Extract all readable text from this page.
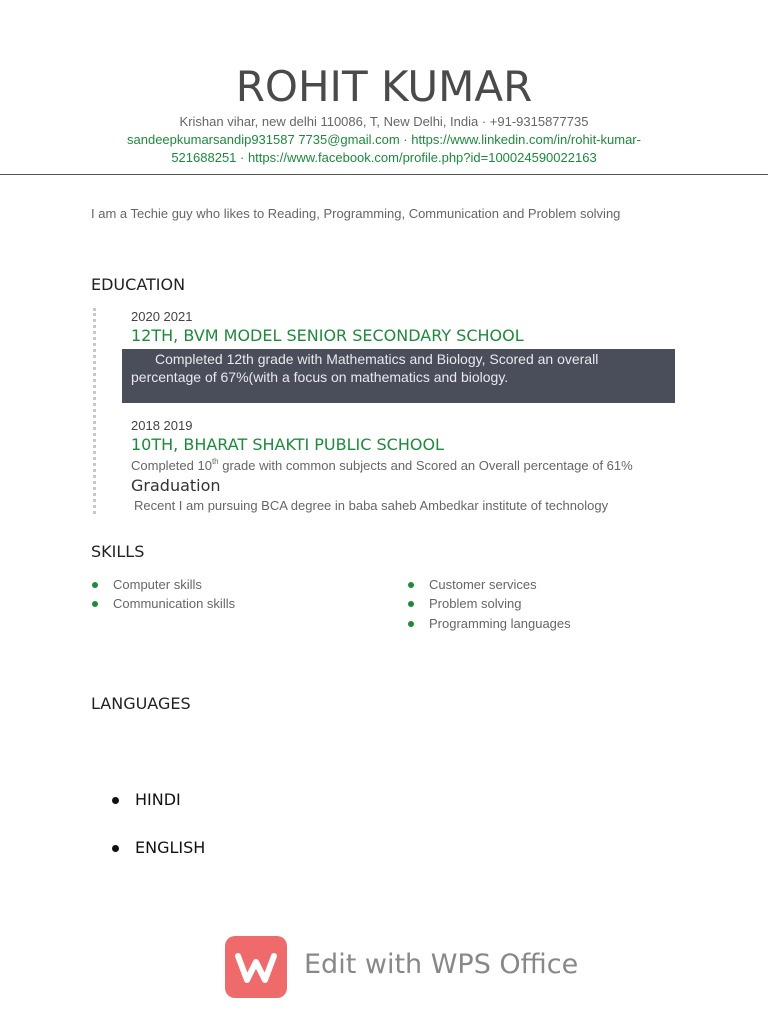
ROHIT KUMAR
Krishan vihar, new delhi 110086, T, New Delhi, India · +91-9315877735
sandeepkumarsandip931587 7735@gmail.com · https://www.linkedin.com/in/rohit-kumar-
521688251 · https://www.facebook.com/profile.php?id=100024590022163
I am a Techie guy who likes to Reading, Programming, Communication and Problem solving
EDUCATION
2020 2021
12TH, BVM MODEL SENIOR SECONDARY SCHOOL
Completed 12th grade with Mathematics and Biology, Scored an overall
percentage of 67%(with a focus on mathematics and biology.
2018 2019
10TH, BHARAT SHAKTI PUBLIC SCHOOL
Completed 10th grade with common subjects and Scored an Overall percentage of 61%
Graduation
Recent I am pursuing BCA degree in baba saheb Ambedkar institute of technology
SKILLS
Computer skills
Communication skills
Customer services
Problem solving
Programming languages
LANGUAGES
HINDI
ENGLISH
Edit with WPS Office
